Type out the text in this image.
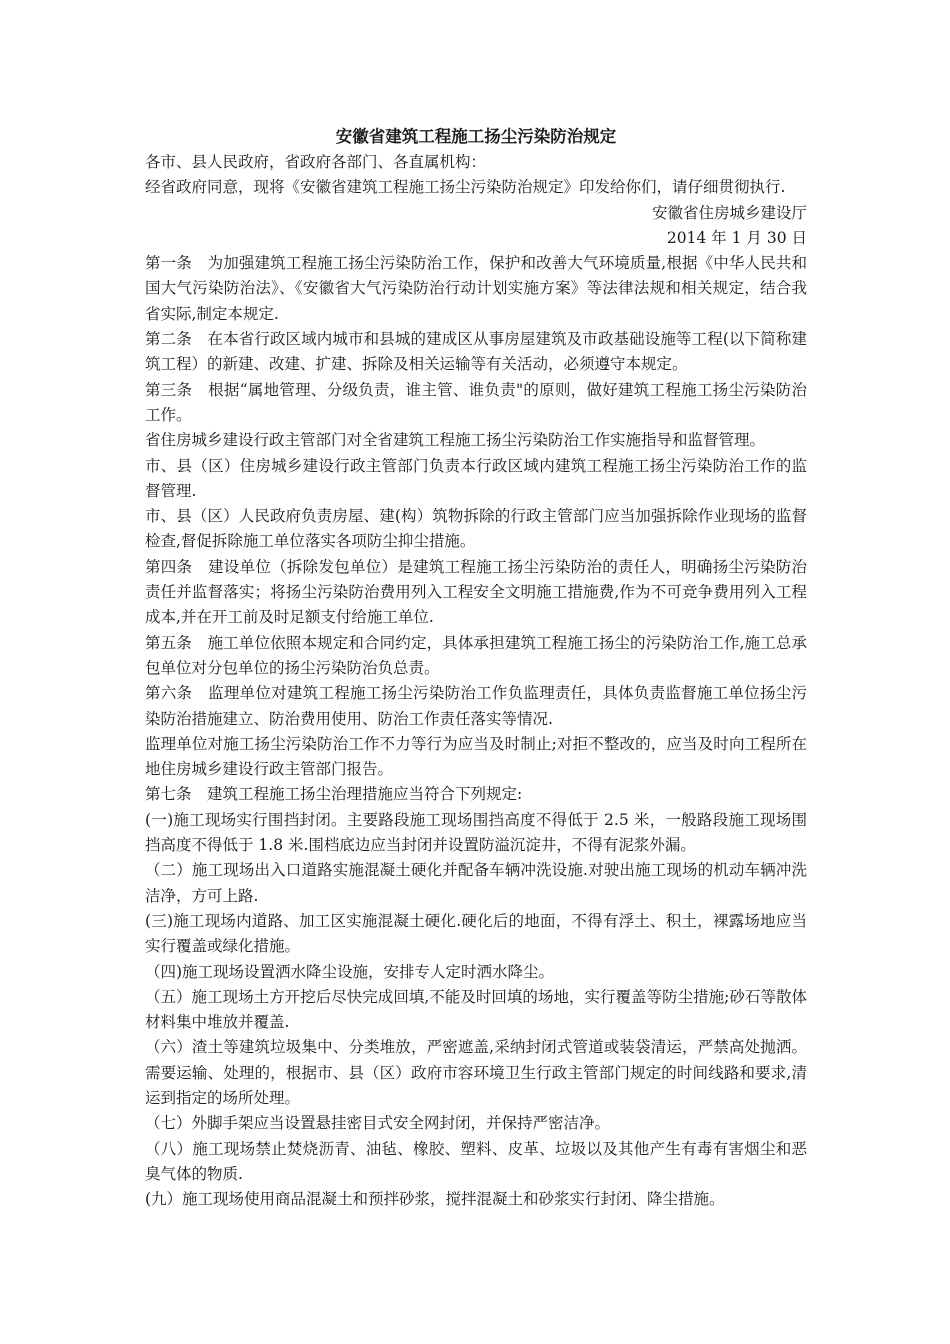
安徽省建筑工程施工扬尘污染防治规定

各市、县人民政府，省政府各部门、各直属机构：

经省政府同意，现将《安徽省建筑工程施工扬尘污染防治规定》印发给你们，请仔细贯彻执行.

安徽省住房城乡建设厅

2014 年 1 月 30 日

第一条　为加强建筑工程施工扬尘污染防治工作，保护和改善大气环境质量,根据《中华人民共和国大气污染防治法》、《安徽省大气污染防治行动计划实施方案》等法律法规和相关规定，结合我省实际,制定本规定.

第二条　在本省行政区域内城市和县城的建成区从事房屋建筑及市政基础设施等工程(以下简称建筑工程）的新建、改建、扩建、拆除及相关运输等有关活动，必须遵守本规定。

第三条　根据“属地管理、分级负责，谁主管、谁负责"的原则，做好建筑工程施工扬尘污染防治工作。

省住房城乡建设行政主管部门对全省建筑工程施工扬尘污染防治工作实施指导和监督管理。

市、县（区）住房城乡建设行政主管部门负责本行政区域内建筑工程施工扬尘污染防治工作的监督管理.

市、县（区）人民政府负责房屋、建(构）筑物拆除的行政主管部门应当加强拆除作业现场的监督检查,督促拆除施工单位落实各项防尘抑尘措施。

第四条　建设单位（拆除发包单位）是建筑工程施工扬尘污染防治的责任人，明确扬尘污染防治责任并监督落实；将扬尘污染防治费用列入工程安全文明施工措施费,作为不可竞争费用列入工程成本,并在开工前及时足额支付给施工单位.

第五条　施工单位依照本规定和合同约定，具体承担建筑工程施工扬尘的污染防治工作,施工总承包单位对分包单位的扬尘污染防治负总责。

第六条　监理单位对建筑工程施工扬尘污染防治工作负监理责任，具体负责监督施工单位扬尘污染防治措施建立、防治费用使用、防治工作责任落实等情况.

监理单位对施工扬尘污染防治工作不力等行为应当及时制止;对拒不整改的，应当及时向工程所在地住房城乡建设行政主管部门报告。

第七条　建筑工程施工扬尘治理措施应当符合下列规定:

(一)施工现场实行围挡封闭。主要路段施工现场围挡高度不得低于 2.5 米，一般路段施工现场围挡高度不得低于 1.8 米.围档底边应当封闭并设置防溢沉淀井，不得有泥浆外漏。

（二）施工现场出入口道路实施混凝土硬化并配备车辆冲洗设施.对驶出施工现场的机动车辆冲洗洁净，方可上路.

(三)施工现场内道路、加工区实施混凝土硬化.硬化后的地面，不得有浮土、积土，裸露场地应当实行覆盖或绿化措施。

（四)施工现场设置洒水降尘设施，安排专人定时洒水降尘。

（五）施工现场土方开挖后尽快完成回填,不能及时回填的场地，实行覆盖等防尘措施;砂石等散体材料集中堆放并覆盖.

（六）渣土等建筑垃圾集中、分类堆放，严密遮盖,采纳封闭式管道或装袋清运，严禁高处抛洒。需要运输、处理的，根据市、县（区）政府市容环境卫生行政主管部门规定的时间线路和要求,清运到指定的场所处理。

（七）外脚手架应当设置悬挂密目式安全网封闭，并保持严密洁净。

（八）施工现场禁止焚烧沥青、油毡、橡胶、塑料、皮革、垃圾以及其他产生有毒有害烟尘和恶臭气体的物质.

(九）施工现场使用商品混凝土和预拌砂浆，搅拌混凝土和砂浆实行封闭、降尘措施。
